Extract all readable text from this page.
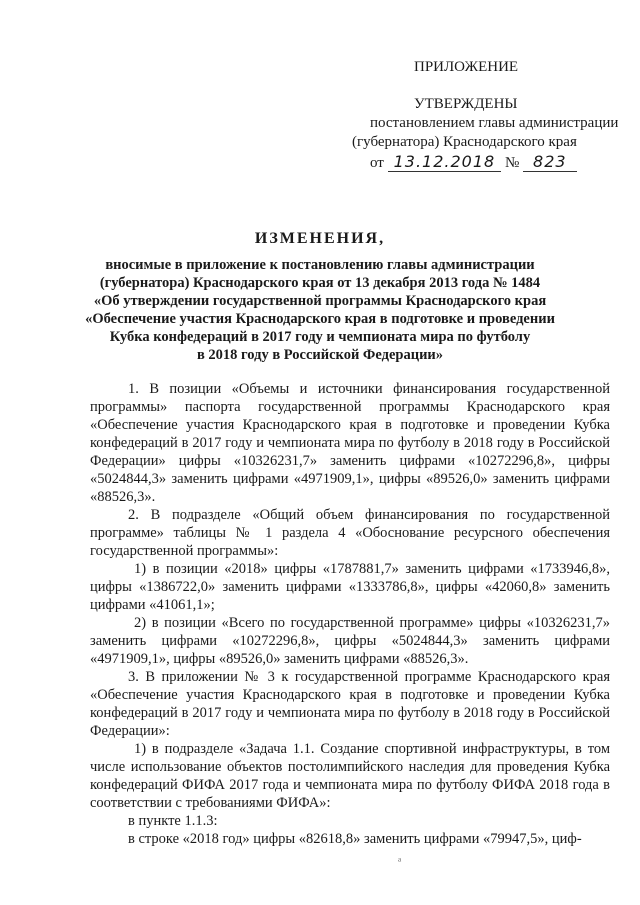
ПРИЛОЖЕНИЕ
УТВЕРЖДЕНЫ
постановлением главы администрации
(губернатора) Краснодарского края
от 13.12.2018 № 823
ИЗМЕНЕНИЯ,
вносимые в приложение к постановлению главы администрации
(губернатора) Краснодарского края от 13 декабря 2013 года № 1484
«Об утверждении государственной программы Краснодарского края
«Обеспечение участия Краснодарского края в подготовке и проведении
Кубка конфедераций в 2017 году и чемпионата мира по футболу
в 2018 году в Российской Федерации»

1. В позиции «Объемы и источники финансирования государственной программы» паспорта государственной программы Краснодарского края «Обеспечение участия Краснодарского края в подготовке и проведении Кубка конфедераций в 2017 году и чемпионата мира по футболу в 2018 году в Российской Федерации» цифры «10326231,7» заменить цифрами «10272296,8», цифры «5024844,3» заменить цифрами «4971909,1», цифры «89526,0» заменить цифрами «88526,3».

2. В подразделе «Общий объем финансирования по государственной программе» таблицы № 1 раздела 4 «Обоснование ресурсного обеспечения государственной программы»:

1) в позиции «2018» цифры «1787881,7» заменить цифрами «1733946,8», цифры «1386722,0» заменить цифрами «1333786,8», цифры «42060,8» заменить цифрами «41061,1»;

2) в позиции «Всего по государственной программе» цифры «10326231,7» заменить цифрами «10272296,8», цифры «5024844,3» заменить цифрами «4971909,1», цифры «89526,0» заменить цифрами «88526,3».

3. В приложении № 3 к государственной программе Краснодарского края «Обеспечение участия Краснодарского края в подготовке и проведении Кубка конфедераций в 2017 году и чемпионата мира по футболу в 2018 году в Российской Федерации»:

1) в подразделе «Задача 1.1. Создание спортивной инфраструктуры, в том числе использование объектов постолимпийского наследия для проведения Кубка конфедераций ФИФА 2017 года и чемпионата мира по футболу ФИФА 2018 года в соответствии с требованиями ФИФА»:

в пункте 1.1.3:

в строке «2018 год» цифры «82618,8» заменить цифрами «79947,5», циф-

ᵃ
